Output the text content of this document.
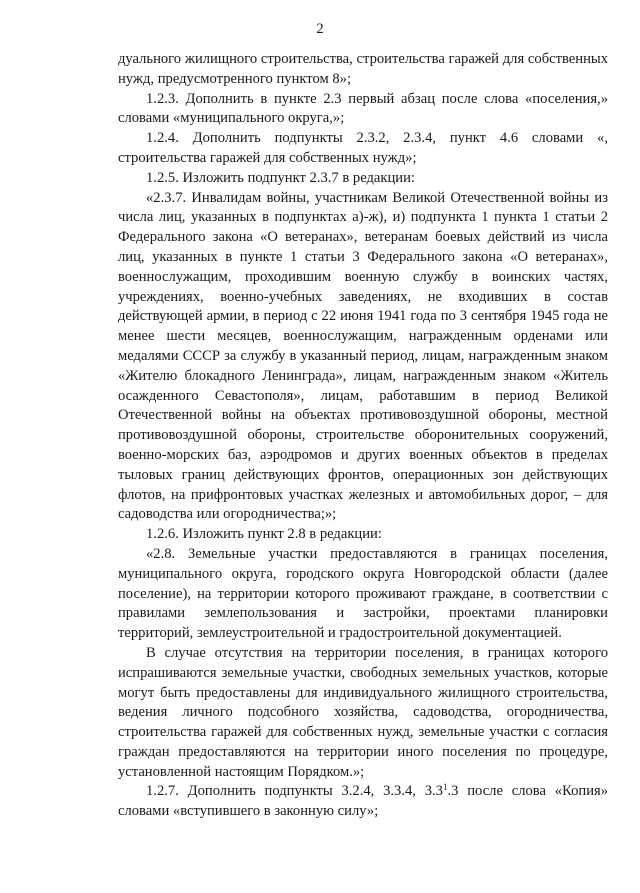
2

дуального жилищного строительства, строительства гаражей для собственных нужд, предусмотренного пунктом 8»;

1.2.3. Дополнить в пункте 2.3 первый абзац после слова «поселения,» словами «муниципального округа,»;

1.2.4. Дополнить подпункты 2.3.2, 2.3.4, пункт 4.6 словами «, строительства гаражей для собственных нужд»;

1.2.5. Изложить подпункт 2.3.7 в редакции:

«2.3.7. Инвалидам войны, участникам Великой Отечественной войны из числа лиц, указанных в подпунктах а)-ж), и) подпункта 1 пункта 1 статьи 2 Федерального закона «О ветеранах», ветеранам боевых действий из числа лиц, указанных в пункте 1 статьи 3 Федерального закона «О ветеранах», военнослужащим, проходившим военную службу в воинских частях, учреждениях, военно-учебных заведениях, не входивших в состав действующей армии, в период с 22 июня 1941 года по 3 сентября 1945 года не менее шести месяцев, военнослужащим, награжденным орденами или медалями СССР за службу в указанный период, лицам, награжденным знаком «Жителю блокадного Ленинграда», лицам, награжденным знаком «Житель осажденного Севастополя», лицам, работавшим в период Великой Отечественной войны на объектах противовоздушной обороны, местной противовоздушной обороны, строительстве оборонительных сооружений, военно-морских баз, аэродромов и других военных объектов в пределах тыловых границ действующих фронтов, операционных зон действующих флотов, на прифронтовых участках железных и автомобильных дорог, – для садоводства или огородничества;»;

1.2.6. Изложить пункт 2.8 в редакции:

«2.8. Земельные участки предоставляются в границах поселения, муниципального округа, городского округа Новгородской области (далее поселение), на территории которого проживают граждане, в соответствии с правилами землепользования и застройки, проектами планировки территорий, землеустроительной и градостроительной документацией.

В случае отсутствия на территории поселения, в границах которого испрашиваются земельные участки, свободных земельных участков, которые могут быть предоставлены для индивидуального жилищного строительства, ведения личного подсобного хозяйства, садоводства, огородничества, строительства гаражей для собственных нужд, земельные участки с согласия граждан предоставляются на территории иного поселения по процедуре, установленной настоящим Порядком.»;

1.2.7. Дополнить подпункты 3.2.4, 3.3.4, $3.3^1.3$ после слова «Копия» словами «вступившего в законную силу»;
